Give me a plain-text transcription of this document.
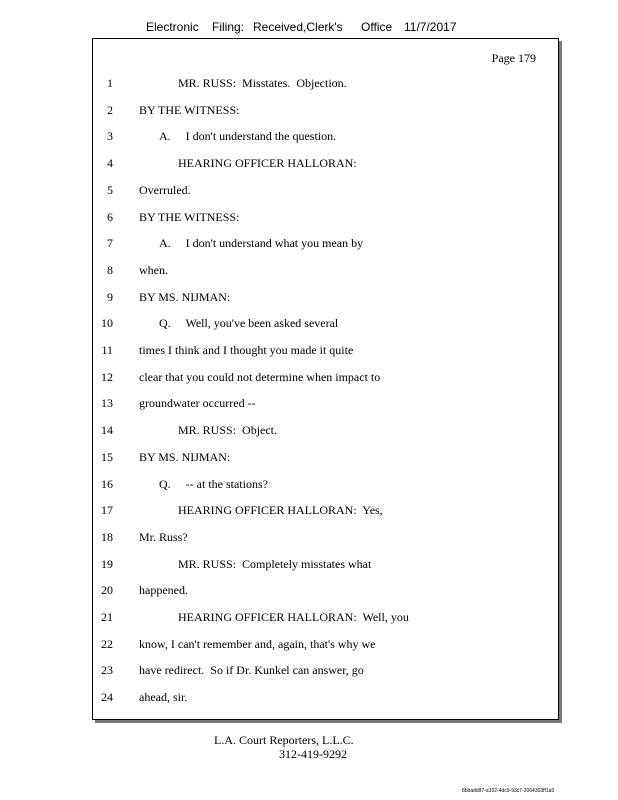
Electronic Filing: Received,Clerk's Office 11/7/2017
Page 179
1	MR. RUSS:  Misstates.  Objection.
2 BY THE WITNESS:
3	A.     I don't understand the question.
4	HEARING OFFICER HALLORAN:
5 Overruled.
6 BY THE WITNESS:
7	A.     I don't understand what you mean by
8 when.
9 BY MS. NIJMAN:
10	Q.     Well, you've been asked several
11 times I think and I thought you made it quite
12 clear that you could not determine when impact to
13 groundwater occurred --
14	MR. RUSS:  Object.
15 BY MS. NIJMAN:
16	Q.     -- at the stations?
17	HEARING OFFICER HALLORAN:  Yes,
18 Mr. Russ?
19	MR. RUSS:  Completely misstates what
20 happened.
21	HEARING OFFICER HALLORAN:  Well, you
22 know, I can't remember and, again, that's why we
23 have redirect.  So if Dr. Kunkel can answer, go
24 ahead, sir.
L.A. Court Reporters, L.L.C.
312-419-9292
8bbadd97-a102-4dc9-93c7-2064303ff1a9
